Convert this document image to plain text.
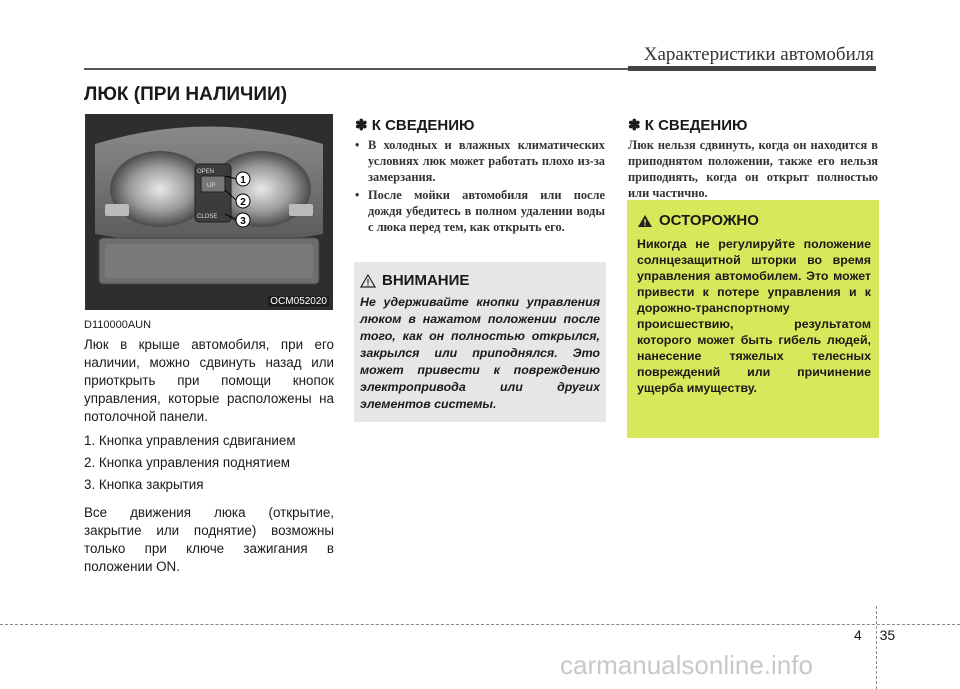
Характеристики автомобиля
ЛЮК (ПРИ НАЛИЧИИ)
OPEN
UP
CLOSE
1
2
3
OCM052020
D110000AUN

Люк в крыше автомобиля, при его наличии, можно сдвинуть назад или приоткрыть при помощи кнопок управления, которые расположены на потолочной панели.

1. Кнопка управления сдвиганием
2. Кнопка управления поднятием
3. Кнопка закрытия

Все движения люка (открытие, закрытие или поднятие) возможны только при ключе зажигания в положении ON.

✽ К СВЕДЕНИЮ
• В холодных и влажных климатических условиях люк может работать плохо из-за замерзания.
• После мойки автомобиля или после дождя убедитесь в полном удалении воды с люка перед тем, как открыть его.
ВНИМАНИЕ
Не удерживайте кнопки управления люком в нажатом положении после того, как он полностью открылся, закрылся или приподнялся. Это может привести к повреждению электропривода или других элементов системы.
✽ К СВЕДЕНИЮ
Люк нельзя сдвинуть, когда он находится в приподнятом положении, также его нельзя приподнять, когда он открыт полностью или частично.
ОСТОРОЖНО
Никогда не регулируйте положение солнцезащитной шторки во время управления автомобилем. Это может привести к потере управления и к дорожно-транспортному происшествию, результатом которого может быть гибель людей, нанесение тяжелых телесных повреждений или причинение ущерба имуществу.
4 35
carmanualsonline.info
